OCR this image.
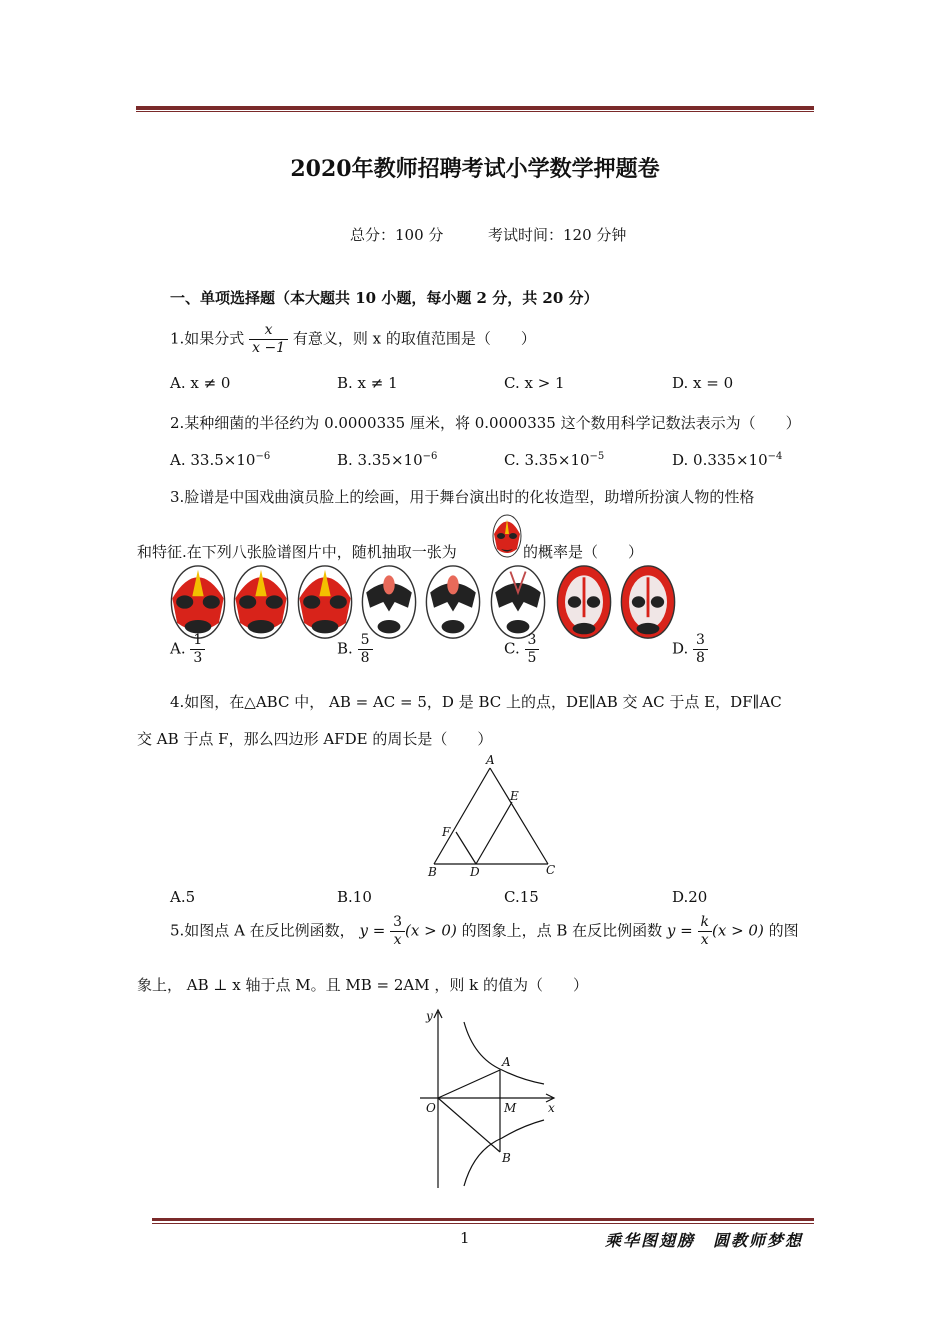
2020年教师招聘考试小学数学押题卷
总分：100 分	考试时间：120 分钟
一、单项选择题（本大题共 10 小题，每小题 2 分，共 20 分）
1.如果分式 $\frac{x}{x -1}$ 有意义，则 x 的取值范围是（　　）
A. x ≠ 0	B. x ≠ 1	C. x > 1	D. x = 0
2.某种细菌的半径约为 0.0000335 厘米，将 0.0000335 这个数用科学记数法表示为（　　）
A. $33.5\times 10^{-6}$	B. $3.35\times 10^{-6}$	C. $3.35\times 10^{-5}$	D. $0.335\times 10^{-4}$
3.脸谱是中国戏曲演员脸上的绘画，用于舞台演出时的化妆造型，助增所扮演人物的性格
和特征.在下列八张脸谱图片中，随机抽取一张为	的概率是（　　）
A. $\frac{1}{3}$	B. $\frac{5}{8}$	C. $\frac{3}{5}$	D. $\frac{3}{8}$
4.如图，在△ABC 中， AB = AC = 5，D 是 BC 上的点，DE∥AB 交 AC 于点 E，DF∥AC
交 AB 于点 F，那么四边形 AFDE 的周长是（　　）
A
E
F
B	D	C
A.5	B.10	C.15	D.20
5.如图点 A 在反比例函数， $y = \frac{3}{x} (x > 0)$ 的图象上，点 B 在反比例函数 $y = \frac{k}{x} (x > 0)$ 的图
象上， AB ⊥ x 轴于点 M。且 MB = 2AM ，则 k 的值为（　　）
y
x
O
A
M
B
1	乘华图翅膀　圆教师梦想
